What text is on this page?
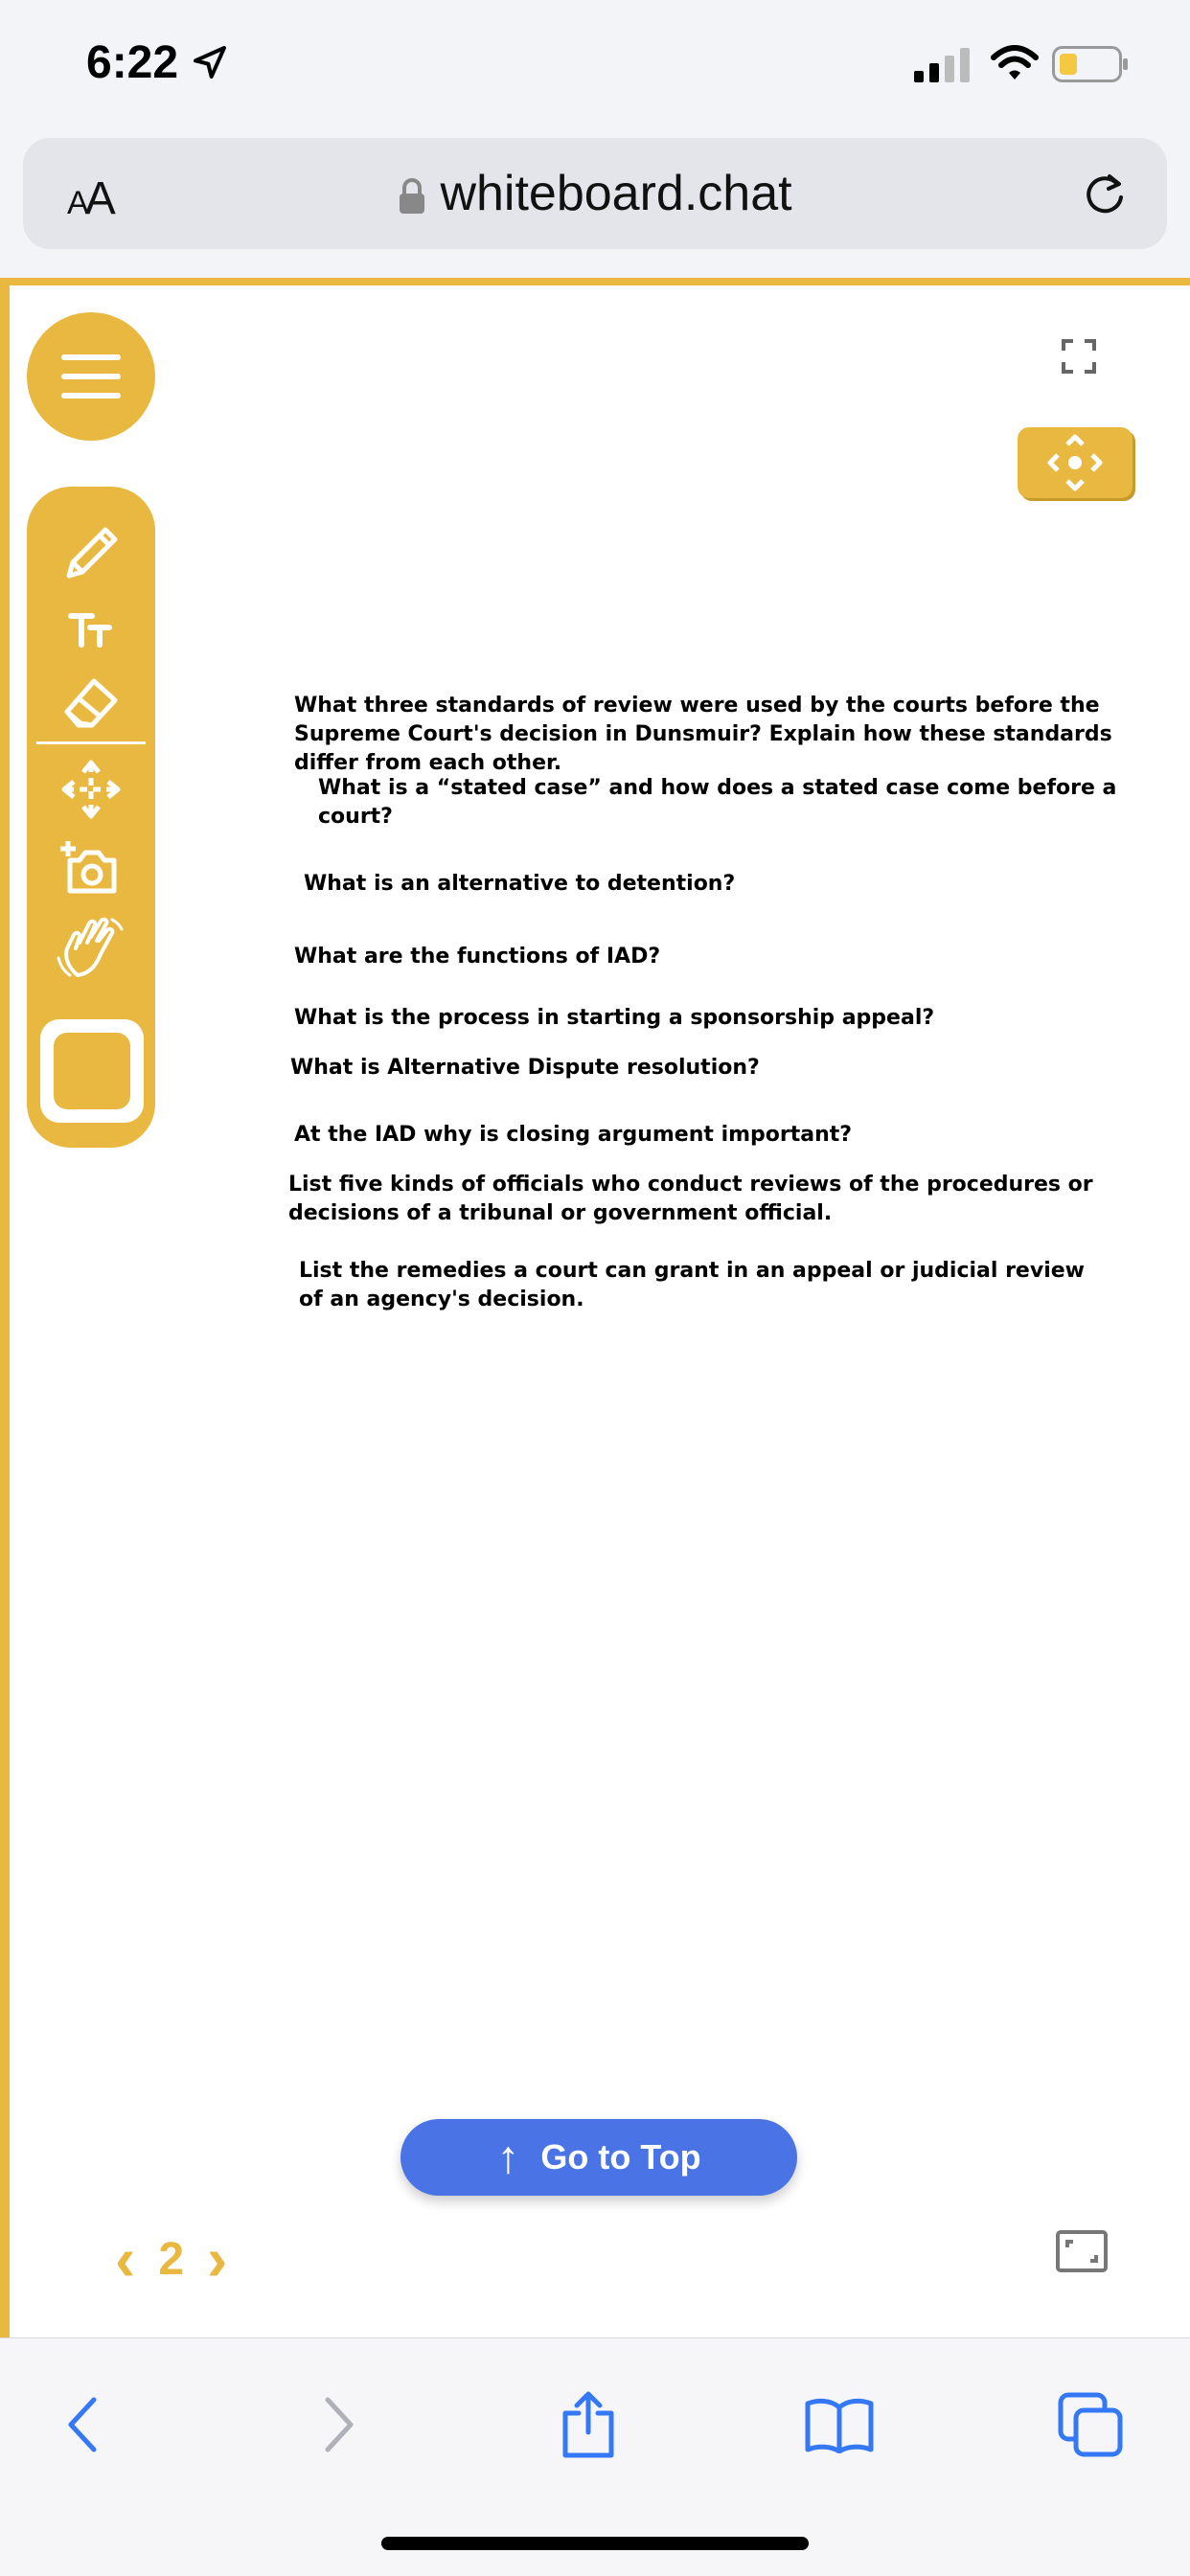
6:22
AA	whiteboard.chat
What three standards of review were used by the courts before the Supreme Court's decision in Dunsmuir? Explain how these standards differ from each other.
What is a “stated case” and how does a stated case come before a court?
What is an alternative to detention?
What are the functions of IAD?
What is the process in starting a sponsorship appeal?
What is Alternative Dispute resolution?
At the IAD why is closing argument important?
List five kinds of officials who conduct reviews of the procedures or decisions of a tribunal or government official.
List the remedies a court can grant in an appeal or judicial review of an agency's decision.
↑ Go to Top
‹ 2 ›
